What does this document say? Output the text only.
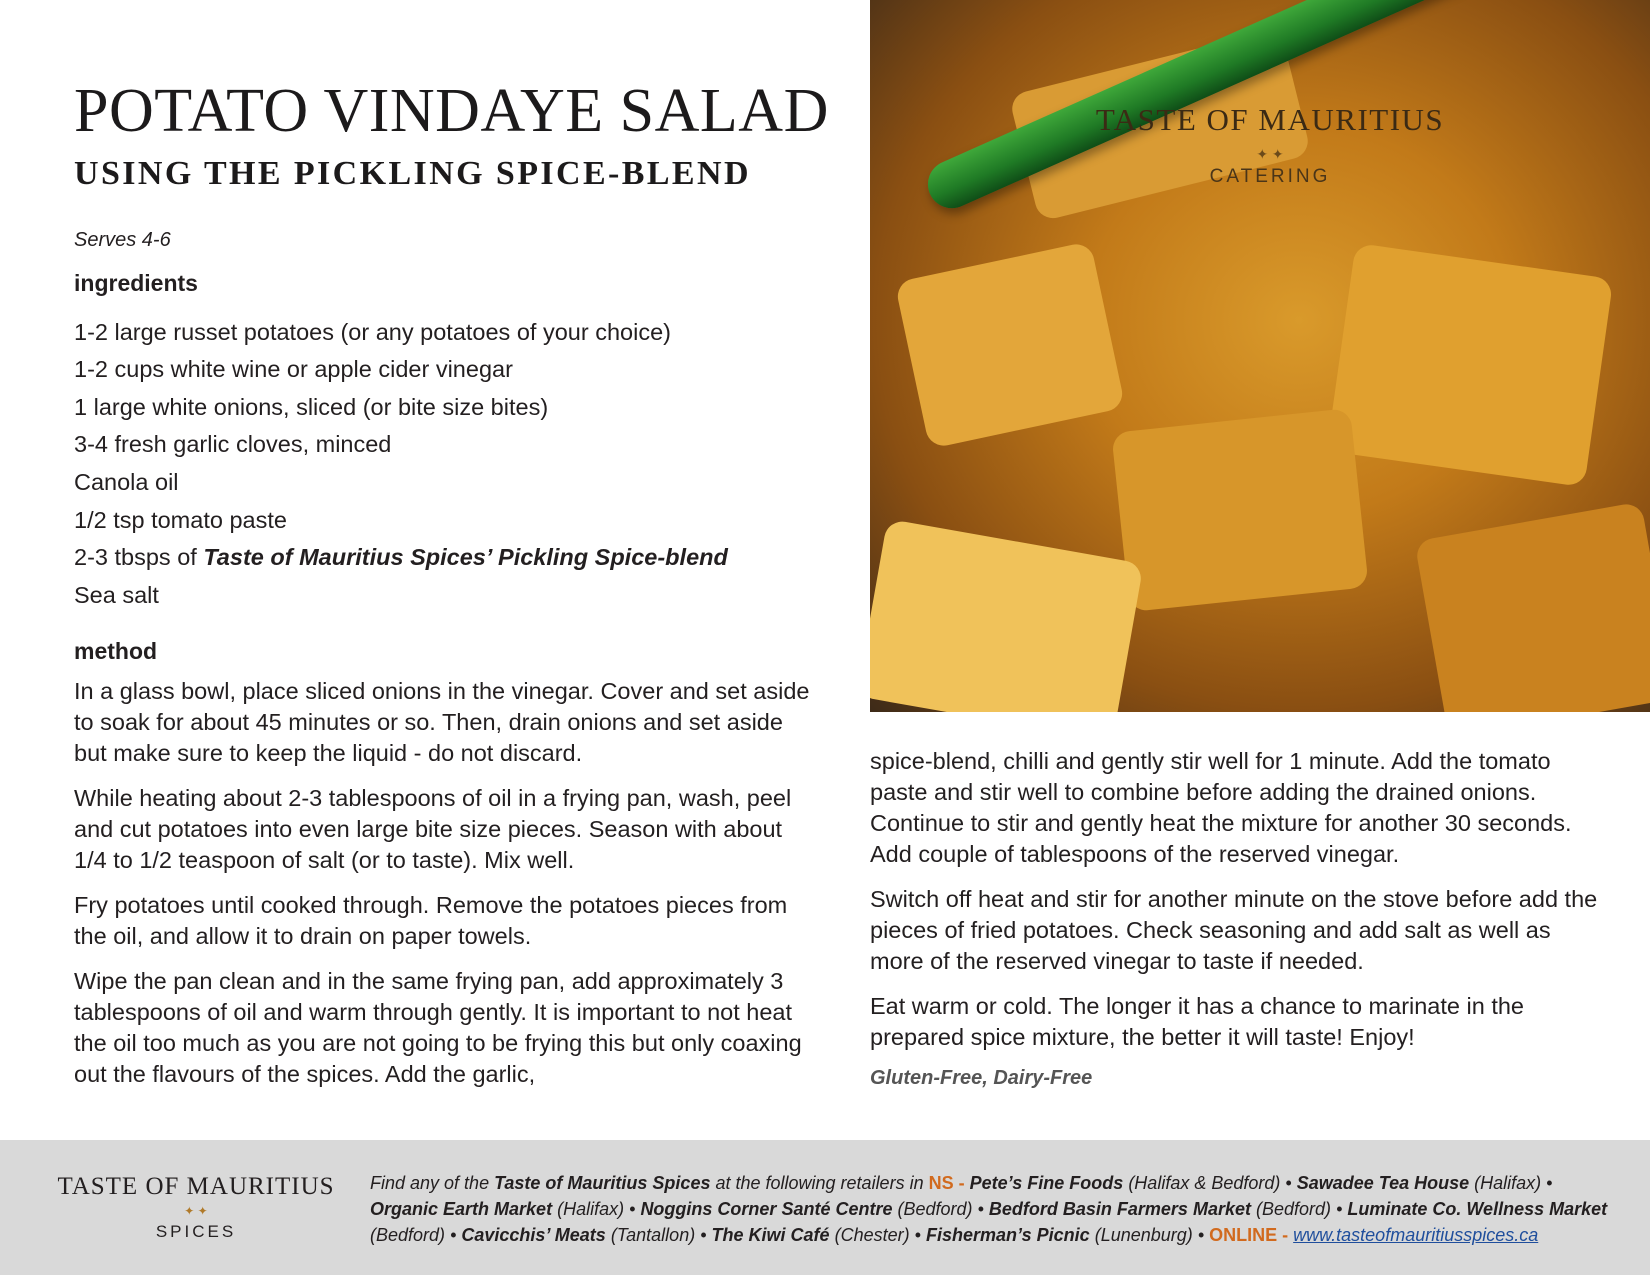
POTATO VINDAYE SALAD
USING THE PICKLING SPICE-BLEND

Serves 4-6

ingredients

1-2 large russet potatoes (or any potatoes of your choice)
1-2 cups white wine or apple cider vinegar
1 large white onions, sliced (or bite size bites)
3-4 fresh garlic cloves, minced
Canola oil
1/2 tsp tomato paste
2-3 tbsps of Taste of Mauritius Spices’ Pickling Spice-blend
Sea salt

method

In a glass bowl, place sliced onions in the vinegar. Cover and set aside to soak for about 45 minutes or so. Then, drain onions and set aside but make sure to keep the liquid - do not discard.

While heating about 2-3 tablespoons of oil in a frying pan, wash, peel and cut potatoes into even large bite size pieces. Season with about 1/4 to 1/2 teaspoon of salt (or to taste). Mix well.

Fry potatoes until cooked through. Remove the potatoes pieces from the oil, and allow it to drain on paper towels.

Wipe the pan clean and in the same frying pan, add approximately 3 tablespoons of oil and warm through gently. It is important to not heat the oil too much as you are not going to be frying this but only coaxing out the flavours of the spices. Add the garlic,

TASTE OF MAURITIUS
✦ ✦
CATERING

spice-blend, chilli and gently stir well for 1 minute. Add the tomato paste and stir well to combine before adding the drained onions. Continue to stir and gently heat the mixture for another 30 seconds. Add couple of tablespoons of the reserved vinegar.

Switch off heat and stir for another minute on the stove before add the pieces of fried potatoes. Check seasoning and add salt as well as more of the reserved vinegar to taste if needed.

Eat warm or cold. The longer it has a chance to marinate in the prepared spice mixture, the better it will taste! Enjoy!

Gluten-Free, Dairy-Free
TASTE OF MAURITIUS
✦ ✦
SPICES
Find any of the Taste of Mauritius Spices at the following retailers in NS - Pete’s Fine Foods (Halifax & Bedford) • Sawadee Tea House (Halifax) • Organic Earth Market (Halifax) • Noggins Corner Santé Centre (Bedford) • Bedford Basin Farmers Market (Bedford) • Luminate Co. Wellness Market (Bedford) • Cavicchis’ Meats (Tantallon) • The Kiwi Café (Chester) • Fisherman’s Picnic (Lunenburg) • ONLINE - www.tasteofmauritiusspices.ca
